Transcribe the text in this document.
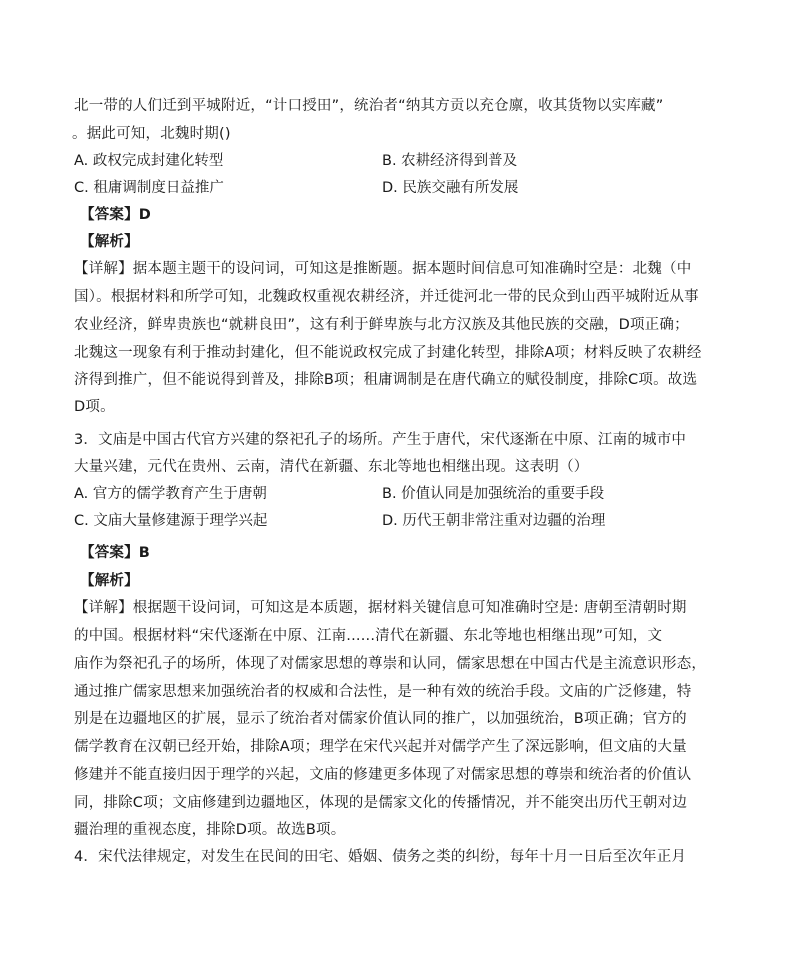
北一带的人们迁到平城附近，“计口授田”，统治者“纳其方贡以充仓廪，收其货物以实库藏”
。据此可知，北魏时期()
A. 政权完成封建化转型	B. 农耕经济得到普及
C. 租庸调制度日益推广	D. 民族交融有所发展
【答案】D
【解析】
【详解】据本题主题干的设问词，可知这是推断题。据本题时间信息可知准确时空是：北魏（中
国）。根据材料和所学可知，北魏政权重视农耕经济，并迁徙河北一带的民众到山西平城附近从事
农业经济，鲜卑贵族也“就耕良田”，这有利于鲜卑族与北方汉族及其他民族的交融，D项正确；
北魏这一现象有利于推动封建化，但不能说政权完成了封建化转型，排除A项；材料反映了农耕经
济得到推广，但不能说得到普及，排除B项；租庸调制是在唐代确立的赋役制度，排除C项。故选
D项。
3．文庙是中国古代官方兴建的祭祀孔子的场所。产生于唐代，宋代逐渐在中原、江南的城市中
大量兴建，元代在贵州、云南，清代在新疆、东北等地也相继出现。这表明（）
A. 官方的儒学教育产生于唐朝	B. 价值认同是加强统治的重要手段
C. 文庙大量修建源于理学兴起	D. 历代王朝非常注重对边疆的治理
【答案】B
【解析】
【详解】根据题干设问词，可知这是本质题，据材料关键信息可知准确时空是: 唐朝至清朝时期
的中国。根据材料“宋代逐渐在中原、江南......清代在新疆、东北等地也相继出现”可知，文
庙作为祭祀孔子的场所，体现了对儒家思想的尊崇和认同，儒家思想在中国古代是主流意识形态，
通过推广儒家思想来加强统治者的权威和合法性，是一种有效的统治手段。文庙的广泛修建，特
别是在边疆地区的扩展，显示了统治者对儒家价值认同的推广，以加强统治，B项正确；官方的
儒学教育在汉朝已经开始，排除A项；理学在宋代兴起并对儒学产生了深远影响，但文庙的大量
修建并不能直接归因于理学的兴起，文庙的修建更多体现了对儒家思想的尊崇和统治者的价值认
同，排除C项；文庙修建到边疆地区，体现的是儒家文化的传播情况，并不能突出历代王朝对边
疆治理的重视态度，排除D项。故选B项。
4．宋代法律规定，对发生在民间的田宅、婚姻、债务之类的纠纷，每年十月一日后至次年正月
